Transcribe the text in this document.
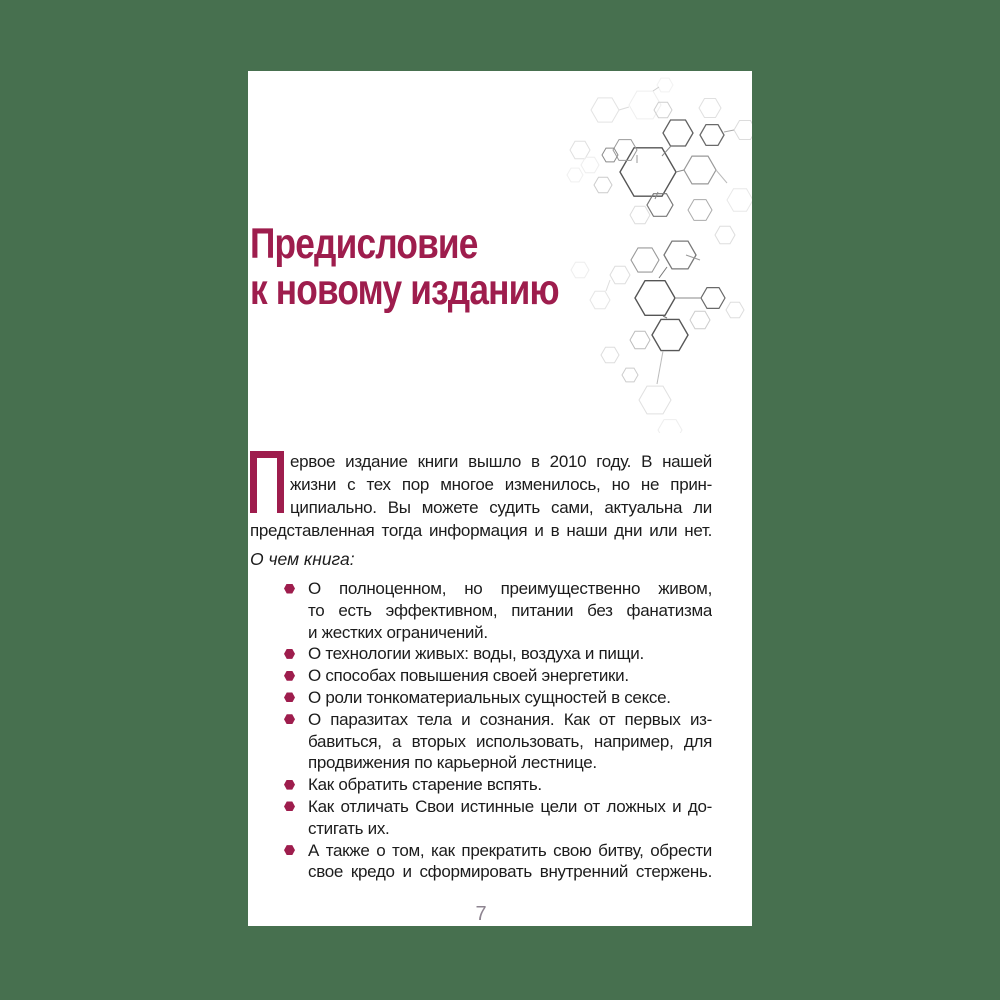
Предисловие
к новому изданию
ервое издание книги вышло в 2010 году. В нашей
жизни с тех пор многое изменилось, но не прин-
ципиально. Вы можете судить сами, актуальна ли
представленная тогда информация и в наши дни или нет.
О чем книга:
О полноценном, но преимущественно живом,
то есть эффективном, питании без фанатизма
и жестких ограничений.
О технологии живых: воды, воздуха и пищи.
О способах повышения своей энергетики.
О роли тонкоматериальных сущностей в сексе.
О паразитах тела и сознания. Как от первых из-
бавиться, а вторых использовать, например, для
продвижения по карьерной лестнице.
Как обратить старение вспять.
Как отличать Свои истинные цели от ложных и до-
стигать их.
А также о том, как прекратить свою битву, обрести
свое кредо и сформировать внутренний стержень.
7
